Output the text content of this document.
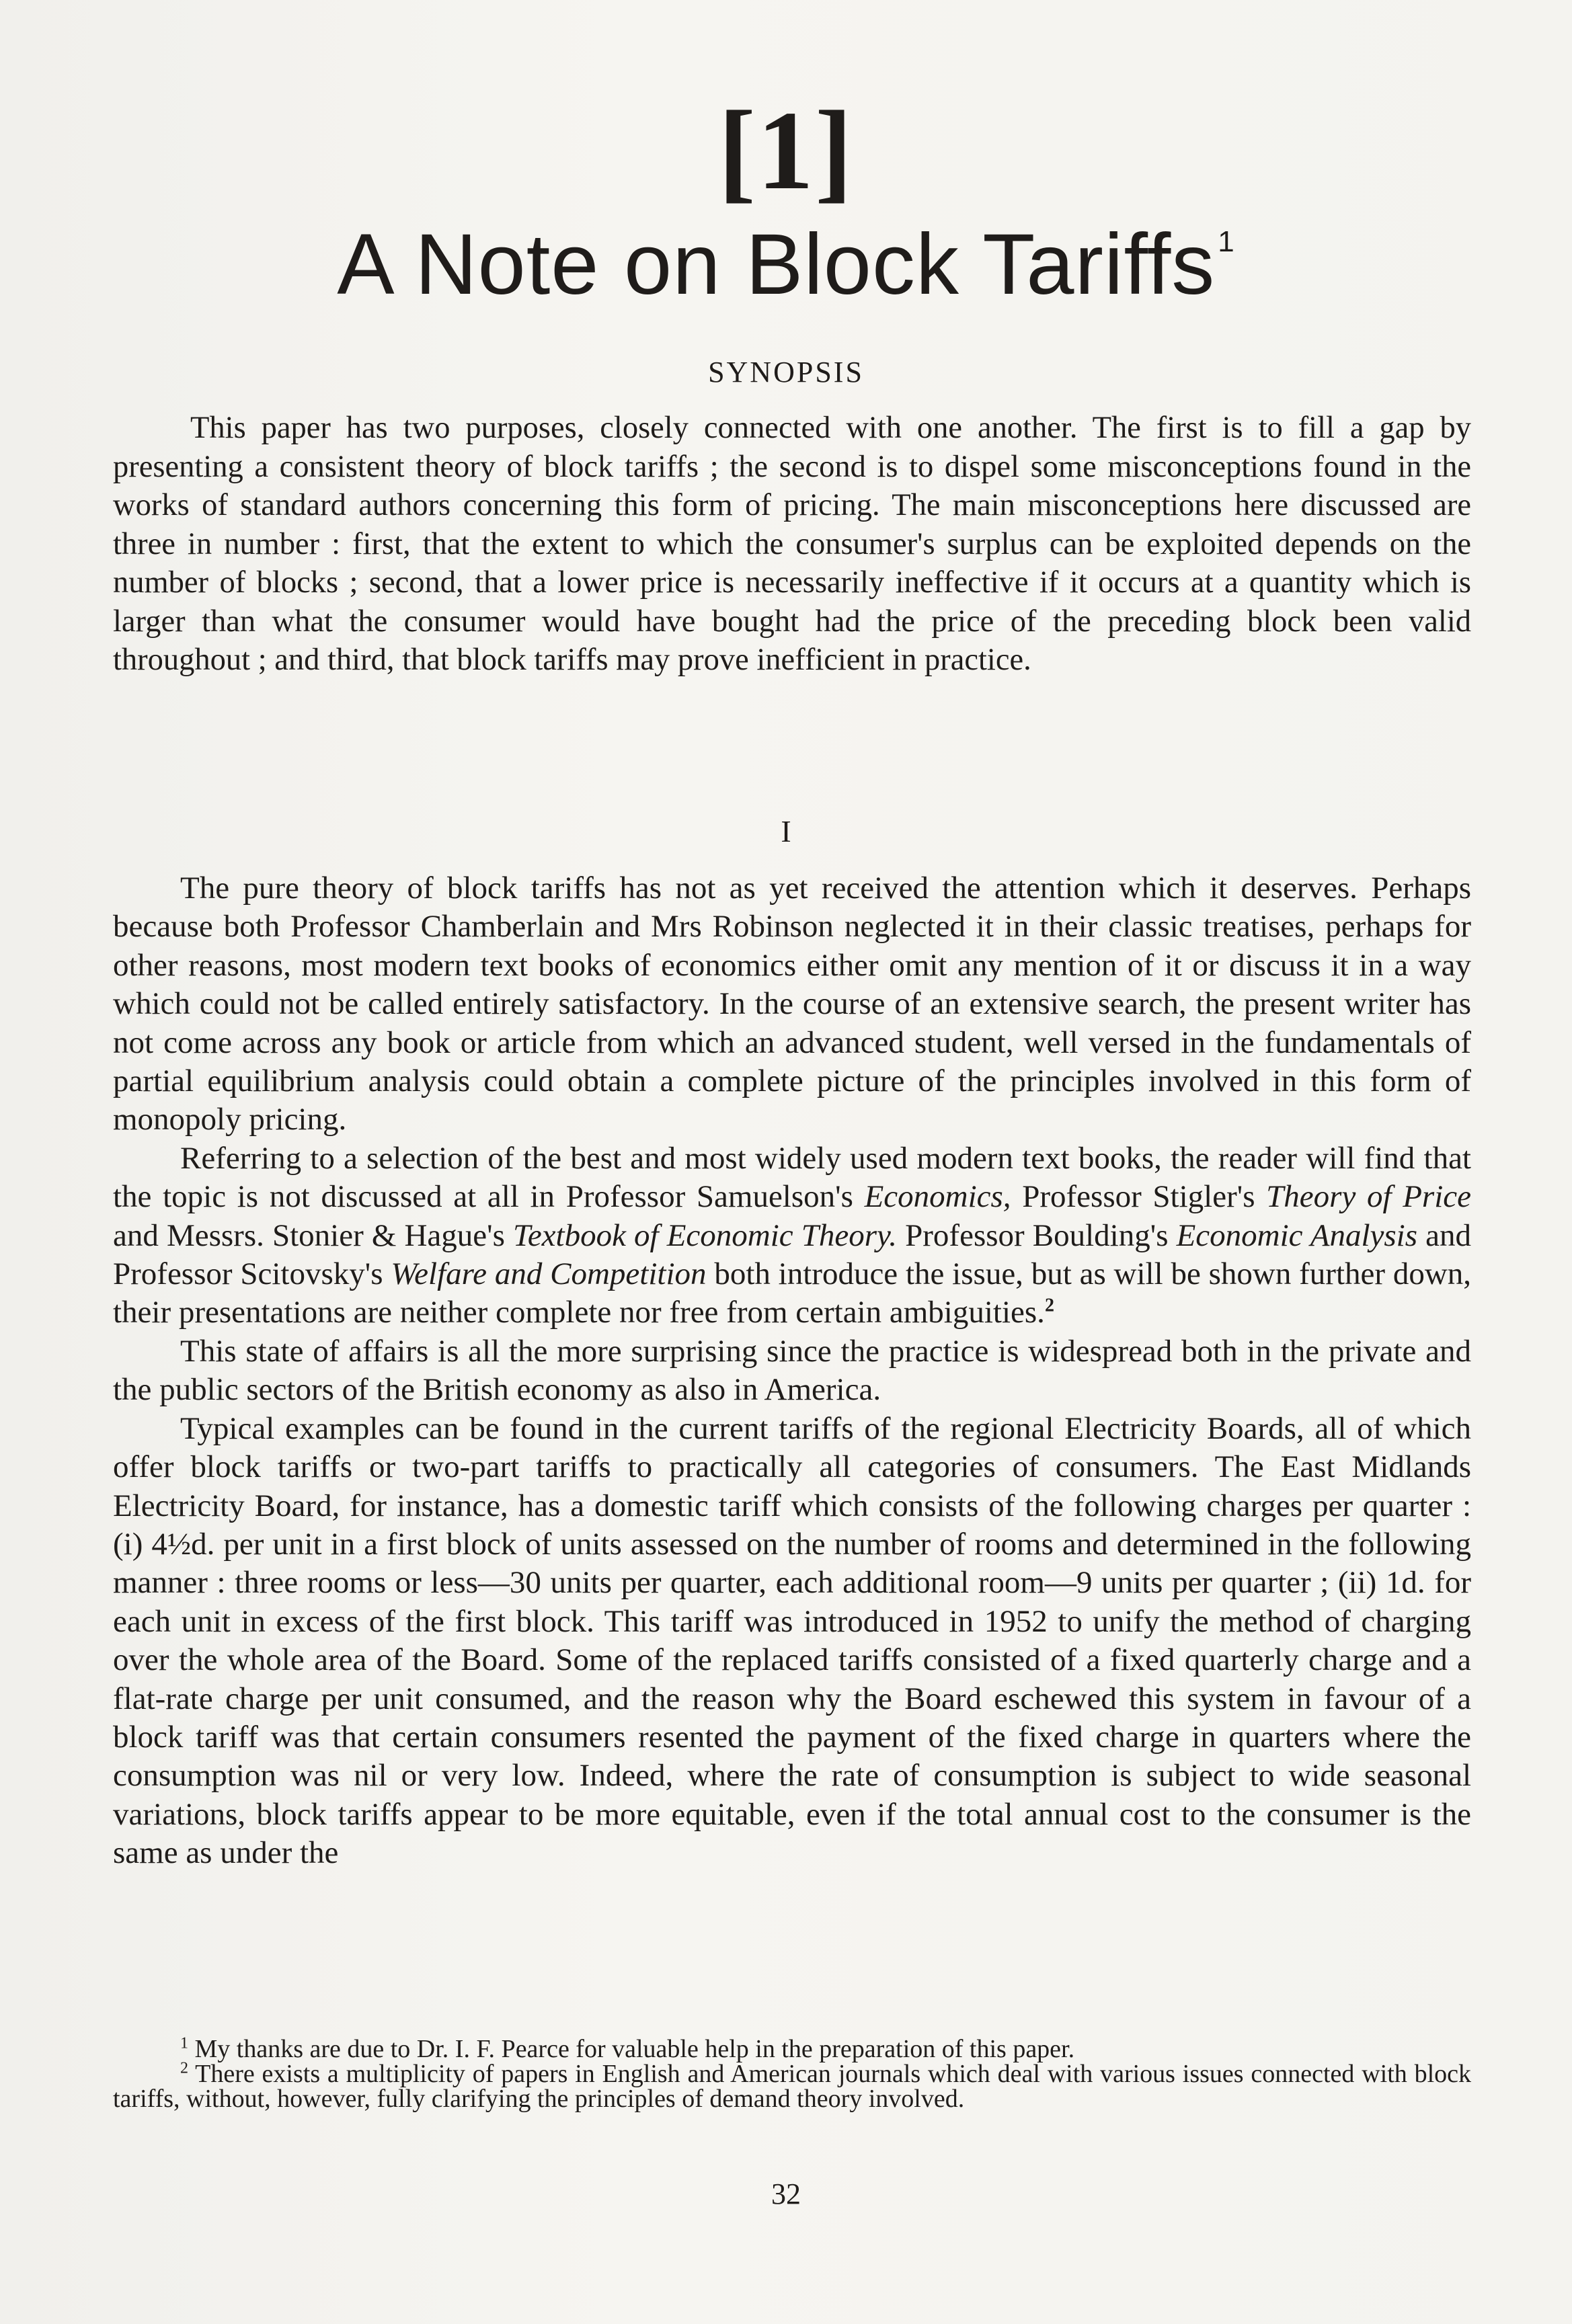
[1]
A Note on Block Tariffs$^1$
SYNOPSIS

This paper has two purposes, closely connected with one another. The first is to fill a gap by presenting a consistent theory of block tariffs ; the second is to dispel some misconceptions found in the works of standard authors concerning this form of pricing. The main misconceptions here discussed are three in number : first, that the extent to which the consumer's surplus can be exploited depends on the number of blocks ; second, that a lower price is necessarily ineffective if it occurs at a quantity which is larger than what the consumer would have bought had the price of the preceding block been valid throughout ; and third, that block tariffs may prove inefficient in practice.

I

The pure theory of block tariffs has not as yet received the attention which it deserves. Perhaps because both Professor Chamberlain and Mrs Robinson neglected it in their classic treatises, perhaps for other reasons, most modern text books of economics either omit any mention of it or discuss it in a way which could not be called entirely satisfactory. In the course of an extensive search, the present writer has not come across any book or article from which an advanced student, well versed in the fundamentals of partial equilibrium analysis could obtain a complete picture of the principles involved in this form of monopoly pricing.

Referring to a selection of the best and most widely used modern text books, the reader will find that the topic is not discussed at all in Professor Samuelson's Economics, Professor Stigler's Theory of Price and Messrs. Stonier & Hague's Textbook of Economic Theory. Professor Boulding's Economic Analysis and Professor Scitovsky's Welfare and Competition both introduce the issue, but as will be shown further down, their presentations are neither complete nor free from certain ambiguities.$^2$

This state of affairs is all the more surprising since the practice is widespread both in the private and the public sectors of the British economy as also in America.

Typical examples can be found in the current tariffs of the regional Electricity Boards, all of which offer block tariffs or two-part tariffs to practically all categories of consumers. The East Midlands Electricity Board, for instance, has a domestic tariff which consists of the following charges per quarter : (i) 4½d. per unit in a first block of units assessed on the number of rooms and determined in the following manner : three rooms or less—30 units per quarter, each additional room—9 units per quarter ; (ii) 1d. for each unit in excess of the first block. This tariff was introduced in 1952 to unify the method of charging over the whole area of the Board. Some of the replaced tariffs consisted of a fixed quarterly charge and a flat-rate charge per unit consumed, and the reason why the Board eschewed this system in favour of a block tariff was that certain consumers resented the payment of the fixed charge in quarters where the consumption was nil or very low. Indeed, where the rate of consumption is subject to wide seasonal variations, block tariffs appear to be more equitable, even if the total annual cost to the consumer is the same as under the

$^1$ My thanks are due to Dr. I. F. Pearce for valuable help in the preparation of this paper.

$^2$ There exists a multiplicity of papers in English and American journals which deal with various issues connected with block tariffs, without, however, fully clarifying the principles of demand theory involved.

32
